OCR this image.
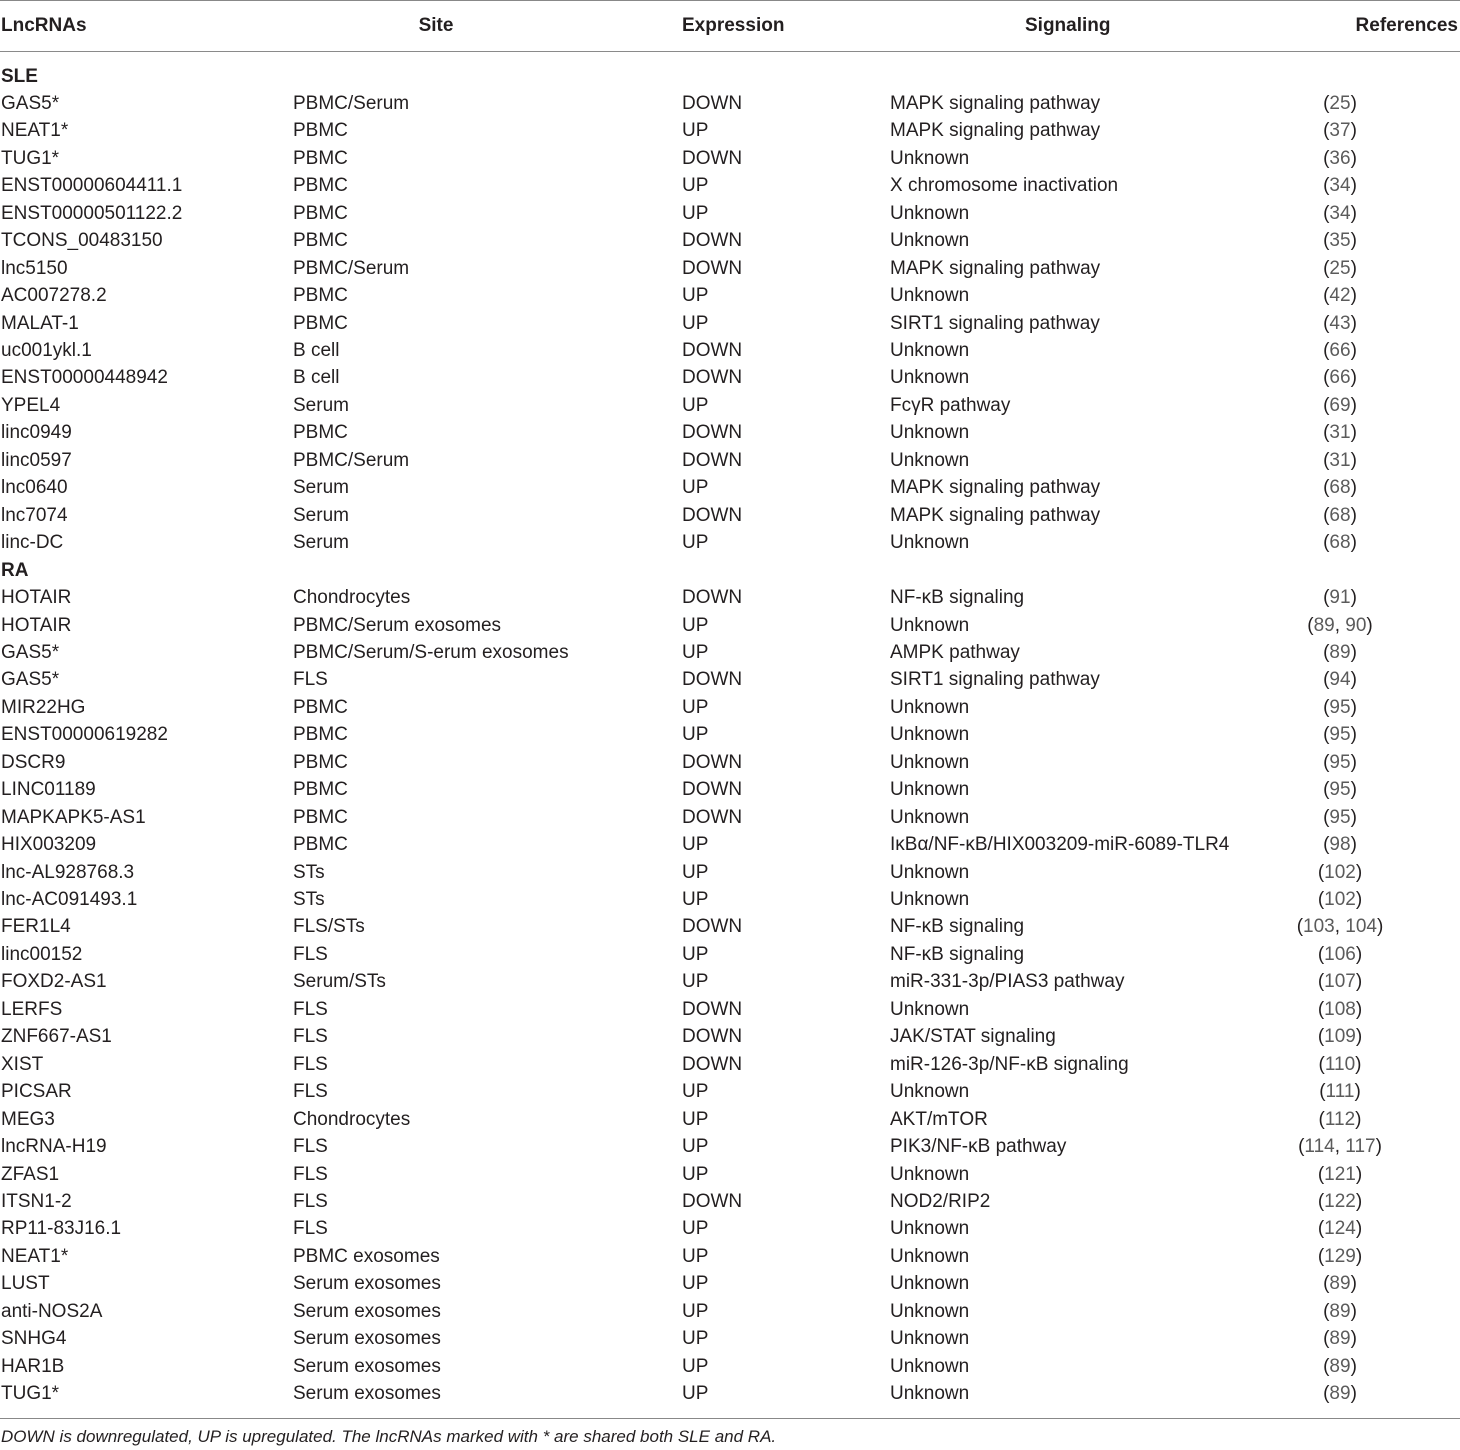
LncRNAs	Site	Expression	Signaling	References
SLE
GAS5*	PBMC/Serum	DOWN	MAPK signaling pathway	(25)
NEAT1*	PBMC	UP	MAPK signaling pathway	(37)
TUG1*	PBMC	DOWN	Unknown	(36)
ENST00000604411.1	PBMC	UP	X chromosome inactivation	(34)
ENST00000501122.2	PBMC	UP	Unknown	(34)
TCONS_00483150	PBMC	DOWN	Unknown	(35)
lnc5150	PBMC/Serum	DOWN	MAPK signaling pathway	(25)
AC007278.2	PBMC	UP	Unknown	(42)
MALAT-1	PBMC	UP	SIRT1 signaling pathway	(43)
uc001ykl.1	B cell	DOWN	Unknown	(66)
ENST00000448942	B cell	DOWN	Unknown	(66)
YPEL4	Serum	UP	FcγR pathway	(69)
linc0949	PBMC	DOWN	Unknown	(31)
linc0597	PBMC/Serum	DOWN	Unknown	(31)
lnc0640	Serum	UP	MAPK signaling pathway	(68)
lnc7074	Serum	DOWN	MAPK signaling pathway	(68)
linc-DC	Serum	UP	Unknown	(68)
RA
HOTAIR	Chondrocytes	DOWN	NF-κB signaling	(91)
HOTAIR	PBMC/Serum exosomes	UP	Unknown	(89, 90)
GAS5*	PBMC/Serum/S-erum exosomes	UP	AMPK pathway	(89)
GAS5*	FLS	DOWN	SIRT1 signaling pathway	(94)
MIR22HG	PBMC	UP	Unknown	(95)
ENST00000619282	PBMC	UP	Unknown	(95)
DSCR9	PBMC	DOWN	Unknown	(95)
LINC01189	PBMC	DOWN	Unknown	(95)
MAPKAPK5-AS1	PBMC	DOWN	Unknown	(95)
HIX003209	PBMC	UP	IκBα/NF-κB/HIX003209-miR-6089-TLR4	(98)
lnc-AL928768.3	STs	UP	Unknown	(102)
lnc-AC091493.1	STs	UP	Unknown	(102)
FER1L4	FLS/STs	DOWN	NF-κB signaling	(103, 104)
linc00152	FLS	UP	NF-κB signaling	(106)
FOXD2-AS1	Serum/STs	UP	miR-331-3p/PIAS3 pathway	(107)
LERFS	FLS	DOWN	Unknown	(108)
ZNF667-AS1	FLS	DOWN	JAK/STAT signaling	(109)
XIST	FLS	DOWN	miR-126-3p/NF-κB signaling	(110)
PICSAR	FLS	UP	Unknown	(111)
MEG3	Chondrocytes	UP	AKT/mTOR	(112)
lncRNA-H19	FLS	UP	PIK3/NF-κB pathway	(114, 117)
ZFAS1	FLS	UP	Unknown	(121)
ITSN1-2	FLS	DOWN	NOD2/RIP2	(122)
RP11-83J16.1	FLS	UP	Unknown	(124)
NEAT1*	PBMC exosomes	UP	Unknown	(129)
LUST	Serum exosomes	UP	Unknown	(89)
anti-NOS2A	Serum exosomes	UP	Unknown	(89)
SNHG4	Serum exosomes	UP	Unknown	(89)
HAR1B	Serum exosomes	UP	Unknown	(89)
TUG1*	Serum exosomes	UP	Unknown	(89)
DOWN is downregulated, UP is upregulated. The lncRNAs marked with * are shared both SLE and RA.
